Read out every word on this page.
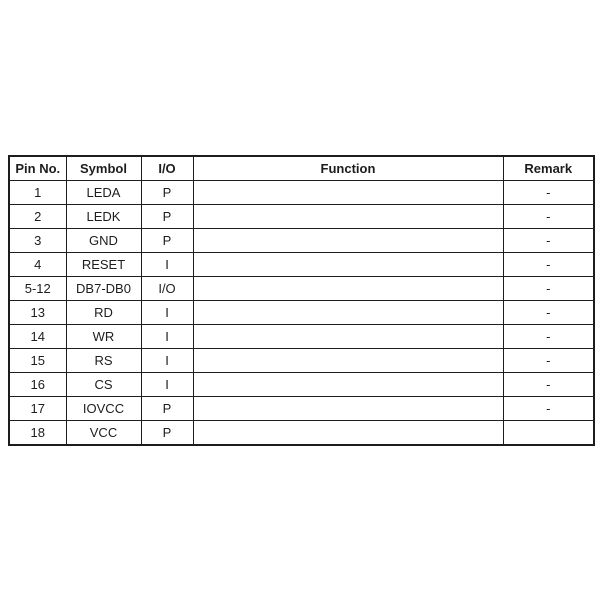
Pin No.	Symbol	I/O	Function	Remark
1	LEDA	P		-
2	LEDK	P		-
3	GND	P		-
4	RESET	I		-
5-12	DB7-DB0	I/O		-
13	RD	I		-
14	WR	I		-
15	RS	I		-
16	CS	I		-
17	IOVCC	P		-
18	VCC	P		
